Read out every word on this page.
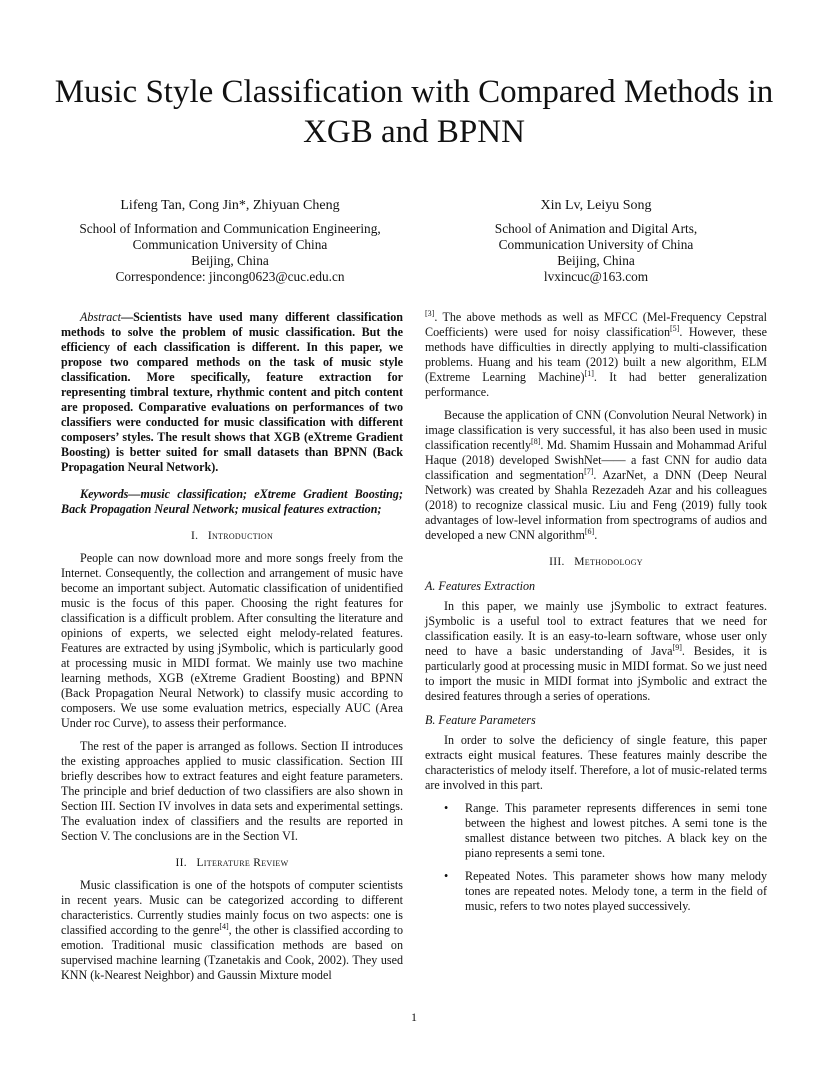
Music Style Classification with Compared Methods in XGB and BPNN
Lifeng Tan, Cong Jin*, Zhiyuan Cheng
School of Information and Communication Engineering,
Communication University of China
Beijing, China
Correspondence: jincong0623@cuc.edu.cn
Xin Lv, Leiyu Song
School of Animation and Digital Arts,
Communication University of China
Beijing, China
lvxincuc@163.com

Abstract—Scientists have used many different classification methods to solve the problem of music classification. But the efficiency of each classification is different. In this paper, we propose two compared methods on the task of music style classification. More specifically, feature extraction for representing timbral texture, rhythmic content and pitch content are proposed. Comparative evaluations on performances of two classifiers were conducted for music classification with different composers’ styles. The result shows that XGB (eXtreme Gradient Boosting) is better suited for small datasets than BPNN (Back Propagation Neural Network).

Keywords—music classification; eXtreme Gradient Boosting; Back Propagation Neural Network; musical features extraction;

I. Introduction

People can now download more and more songs freely from the Internet. Consequently, the collection and arrangement of music have become an important subject. Automatic classification of unidentified music is the focus of this paper. Choosing the right features for classification is a difficult problem. After consulting the literature and opinions of experts, we selected eight melody-related features. Features are extracted by using jSymbolic, which is particularly good at processing music in MIDI format. We mainly use two machine learning methods, XGB (eXtreme Gradient Boosting) and BPNN (Back Propagation Neural Network) to classify music according to composers. We use some evaluation metrics, especially AUC (Area Under roc Curve), to assess their performance.

The rest of the paper is arranged as follows. Section II introduces the existing approaches applied to music classification. Section III briefly describes how to extract features and eight feature parameters. The principle and brief deduction of two classifiers are also shown in Section III. Section IV involves in data sets and experimental settings. The evaluation index of classifiers and the results are reported in Section V. The conclusions are in the Section VI.

II. Literature Review

Music classification is one of the hotspots of computer scientists in recent years. Music can be categorized according to different characteristics. Currently studies mainly focus on two aspects: one is classified according to the genre[4], the other is classified according to emotion. Traditional music classification methods are based on supervised machine learning (Tzanetakis and Cook, 2002). They used KNN (k-Nearest Neighbor) and Gaussin Mixture model

[3]. The above methods as well as MFCC (Mel-Frequency Cepstral Coefficients) were used for noisy classification[5]. However, these methods have difficulties in directly applying to multi-classification problems. Huang and his team (2012) built a new algorithm, ELM (Extreme Learning Machine)[1]. It had better generalization performance.

Because the application of CNN (Convolution Neural Network) in image classification is very successful, it has also been used in music classification recently[8]. Md. Shamim Hussain and Mohammad Ariful Haque (2018) developed SwishNet—— a fast CNN for audio data classification and segmentation[7]. AzarNet, a DNN (Deep Neural Network) was created by Shahla Rezezadeh Azar and his colleagues (2018) to recognize classical music. Liu and Feng (2019) fully took advantages of low-level information from spectrograms of audios and developed a new CNN algorithm[6].

III. Methodology
A. Features Extraction

In this paper, we mainly use jSymbolic to extract features. jSymbolic is a useful tool to extract features that we need for classification easily. It is an easy-to-learn software, whose user only need to have a basic understanding of Java[9]. Besides, it is particularly good at processing music in MIDI format. So we just need to import the music in MIDI format into jSymbolic and extract the desired features through a series of operations.

B. Feature Parameters

In order to solve the deficiency of single feature, this paper extracts eight musical features. These features mainly describe the characteristics of melody itself. Therefore, a lot of music-related terms are involved in this part.

• Range. This parameter represents differences in semi tone between the highest and lowest pitches. A semi tone is the smallest distance between two pitches. A black key on the piano represents a semi tone.
• Repeated Notes. This parameter shows how many melody tones are repeated notes. Melody tone, a term in the field of music, refers to two notes played successively.
1
